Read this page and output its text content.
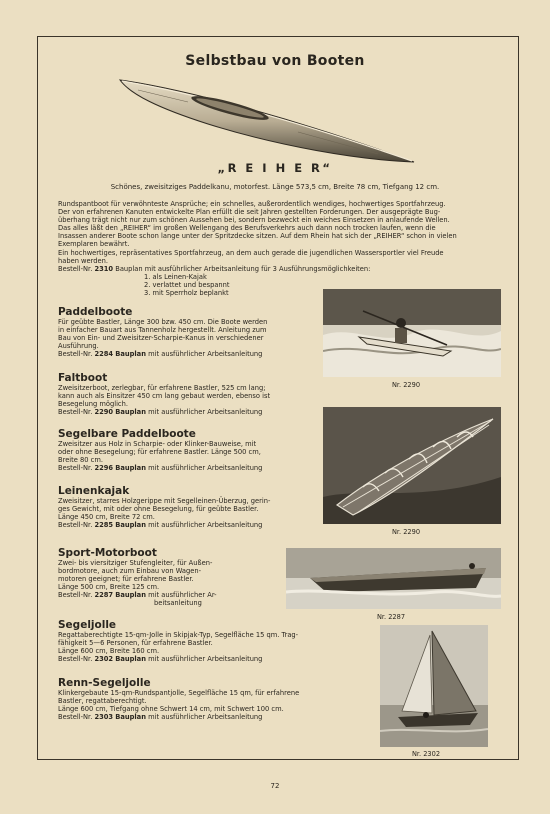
Selbstbau von Booten
„R E I H E R“
Schönes, zweisitziges Paddelkanu, motorfest. Länge 573,5 cm, Breite 78 cm, Tiefgang 12 cm.
Rundspantboot für verwöhnteste Ansprüche; ein schnelles, außerordentlich wendiges, hochwertiges Sportfahrzeug.
Der von erfahrenen Kanuten entwickelte Plan erfüllt die seit Jahren gestellten Forderungen. Der ausgeprägte Bug-
überhang trägt nicht nur zum schönen Aussehen bei, sondern bezweckt ein weiches Einsetzen in anlaufende Wellen.
Das alles läßt den „REIHER“ im großen Wellengang des Berufsverkehrs auch dann noch trocken laufen, wenn die
Insassen anderer Boote schon lange unter der Spritzdecke sitzen. Auf dem Rhein hat sich der „REIHER“ schon in vielen
Exemplaren bewährt.
Ein hochwertiges, repräsentatives Sportfahrzeug, an dem auch gerade die jugendlichen Wassersportler viel Freude
haben werden.
Bestell-Nr. 2310 Bauplan mit ausführlicher Arbeitsanleitung für 3 Ausführungsmöglichkeiten:
1. als Leinen-Kajak
2. verlattet und bespannt
3. mit Sperrholz beplankt
Paddelboote
Für geübte Bastler, Länge 300 bzw. 450 cm. Die Boote werden
in einfacher Bauart aus Tannenholz hergestellt. Anleitung zum
Bau von Ein- und Zweisitzer-Scharpie-Kanus in verschiedener
Ausführung.
Bestell-Nr. 2284 Bauplan mit ausführlicher Arbeitsanleitung
Faltboot
Zweisitzerboot, zerlegbar, für erfahrene Bastler, 525 cm lang;
kann auch als Einsitzer 450 cm lang gebaut werden, ebenso ist
Besegelung möglich.
Bestell-Nr. 2290 Bauplan mit ausführlicher Arbeitsanleitung
Segelbare Paddelboote
Zweisitzer aus Holz in Scharpie- oder Klinker-Bauweise, mit
oder ohne Besegelung; für erfahrene Bastler. Länge 500 cm,
Breite 80 cm.
Bestell-Nr. 2296 Bauplan mit ausführlicher Arbeitsanleitung
Leinenkajak
Zweisitzer, starres Holzgerippe mit Segelleinen-Überzug, gerin-
ges Gewicht, mit oder ohne Besegelung, für geübte Bastler.
Länge 450 cm, Breite 72 cm.
Bestell-Nr. 2285 Bauplan mit ausführlicher Arbeitsanleitung
Sport-Motorboot
Zwei- bis viersitziger Stufengleiter, für Außen-
bordmotore, auch zum Einbau von Wagen-
motoren geeignet; für erfahrene Bastler.
Länge 500 cm, Breite 125 cm.
Bestell-Nr. 2287 Bauplan mit ausführlicher Ar-
beitsanleitung
Segeljolle
Regattaberechtigte 15-qm-Jolle in Skipjak-Typ, Segelfläche 15 qm. Trag-
fähigkeit 5—6 Personen, für erfahrene Bastler.
Länge 600 cm, Breite 160 cm.
Bestell-Nr. 2302 Bauplan mit ausführlicher Arbeitsanleitung
Renn-Segeljolle
Klinkergebaute 15-qm-Rundspantjolle, Segelfläche 15 qm, für erfahrene
Bastler, regattaberechtigt.
Länge 600 cm, Tiefgang ohne Schwert 14 cm, mit Schwert 100 cm.
Bestell-Nr. 2303 Bauplan mit ausführlicher Arbeitsanleitung
Nr. 2290
Nr. 2290
Nr. 2287
Nr. 2302
72
